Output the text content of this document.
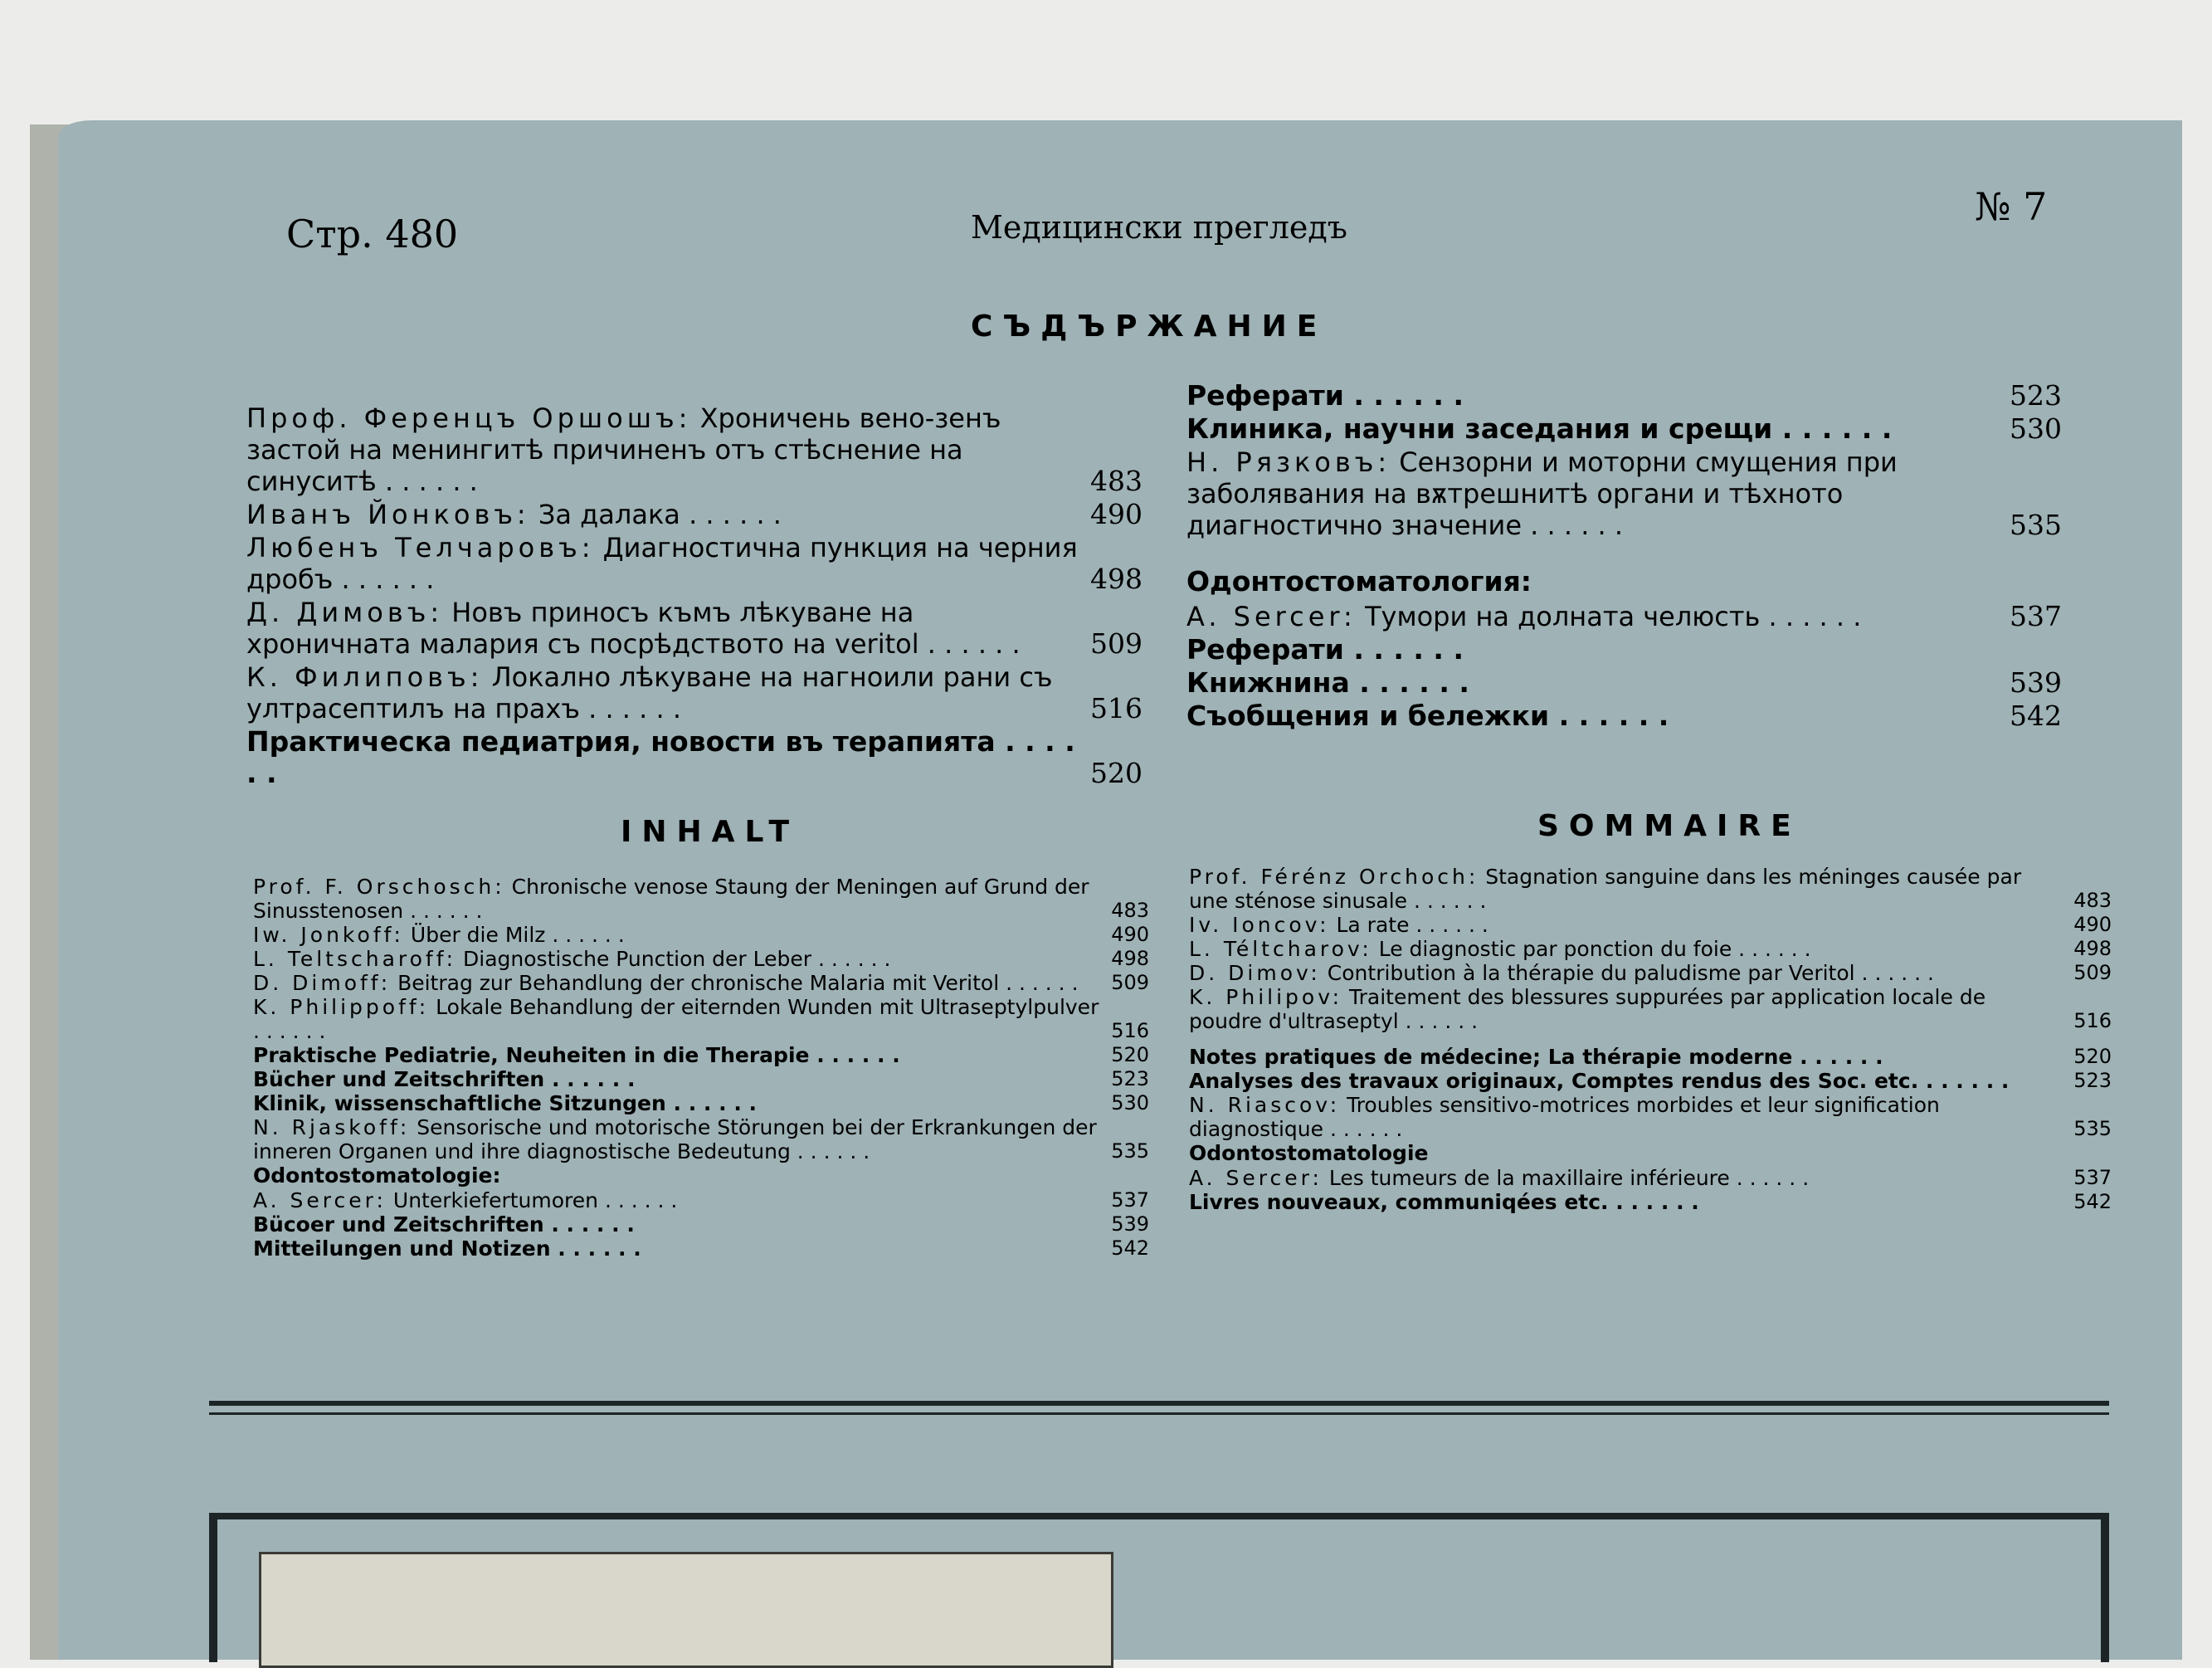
Стр. 480	Медицински прегледъ	№ 7
СЪДЪРЖАНИЕ
Проф. Ференцъ Оршошъ: Хроничень вено-зенъ застой на менингитѣ причиненъ отъ стѣснение на синуситѣ . . . . . .	483
Иванъ Йонковъ: За далака . . . . . .	490
Любенъ Телчаровъ: Диагностична пункция на черния дробъ . . . . . .	498
Д. Димовъ: Новъ приносъ къмъ лѣкуване на хроничната малария съ посрѣдството на veritol . . . . . .	509
К. Филиповъ: Локално лѣкуване на нагноили рани съ ултрасептилъ на прахъ . . . . . .	516
Практическа педиатрия, новости въ терапията . . . . . .	520
Реферати . . . . . .	523
Клиника, научни заседания и срещи . . . . . .	530
Н. Рязковъ: Сензорни и моторни смущения при заболявания на вѫтрешнитѣ органи и тѣхното диагностично значение . . . . . .	535
Одонтостоматология:
A. Sercer: Тумори на долната челюсть . . . . . .	537
Реферати . . . . . .
Книжнина . . . . . .	539
Съобщения и бележки . . . . . .	542
INHALT	SOMMAIRE
Prof. F. Orschosch: Chronische venose Staung der Meningen auf Grund der Sinusstenosen . . . . . .	483
Iw. Jonkoff: Über die Milz . . . . . .	490
L. Teltscharoff: Diagnostische Punction der Leber . . . . . .	498
D. Dimoff: Beitrag zur Behandlung der chronische Malaria mit Veritol . . . . . .	509
K. Philippoff: Lokale Behandlung der eiternden Wunden mit Ultraseptylpulver . . . . . .	516
Praktische Pediatrie, Neuheiten in die Therapie . . . . . .	520
Bücher und Zeitschriften . . . . . .	523
Klinik, wissenschaftliche Sitzungen . . . . . .	530
N. Rjaskoff: Sensorische und motorische Störungen bei der Erkrankungen der inneren Organen und ihre diagnostische Bedeutung . . . . . .	535
Odontostomatologie:
A. Sercer: Unterkiefertumoren . . . . . .	537
Bücoer und Zeitschriften . . . . . .	539
Mitteilungen und Notizen . . . . . .	542
Prof. Férénz Orchoch: Stagnation sanguine dans les méninges causée par une sténose sinusale . . . . . .	483
Iv. Ioncov: La rate . . . . . .	490
L. Téltcharov: Le diagnostic par ponction du foie . . . . . .	498
D. Dimov: Contribution à la thérapie du paludisme par Veritol . . . . . .	509
K. Philipov: Traitement des blessures suppurées par application locale de poudre d'ultraseptyl . . . . . .	516
Notes pratiques de médecine; La thérapie moderne . . . . . .	520
Analyses des travaux originaux, Comptes rendus des Soc. etc. . . . . . .	523
N. Riascov: Troubles sensitivo-motrices morbides et leur signification diagnostique . . . . . .	535
Odontostomatologie
A. Sercer: Les tumeurs de la maxillaire inférieure . . . . . .	537
Livres nouveaux, communiqées etc. . . . . . .	542
